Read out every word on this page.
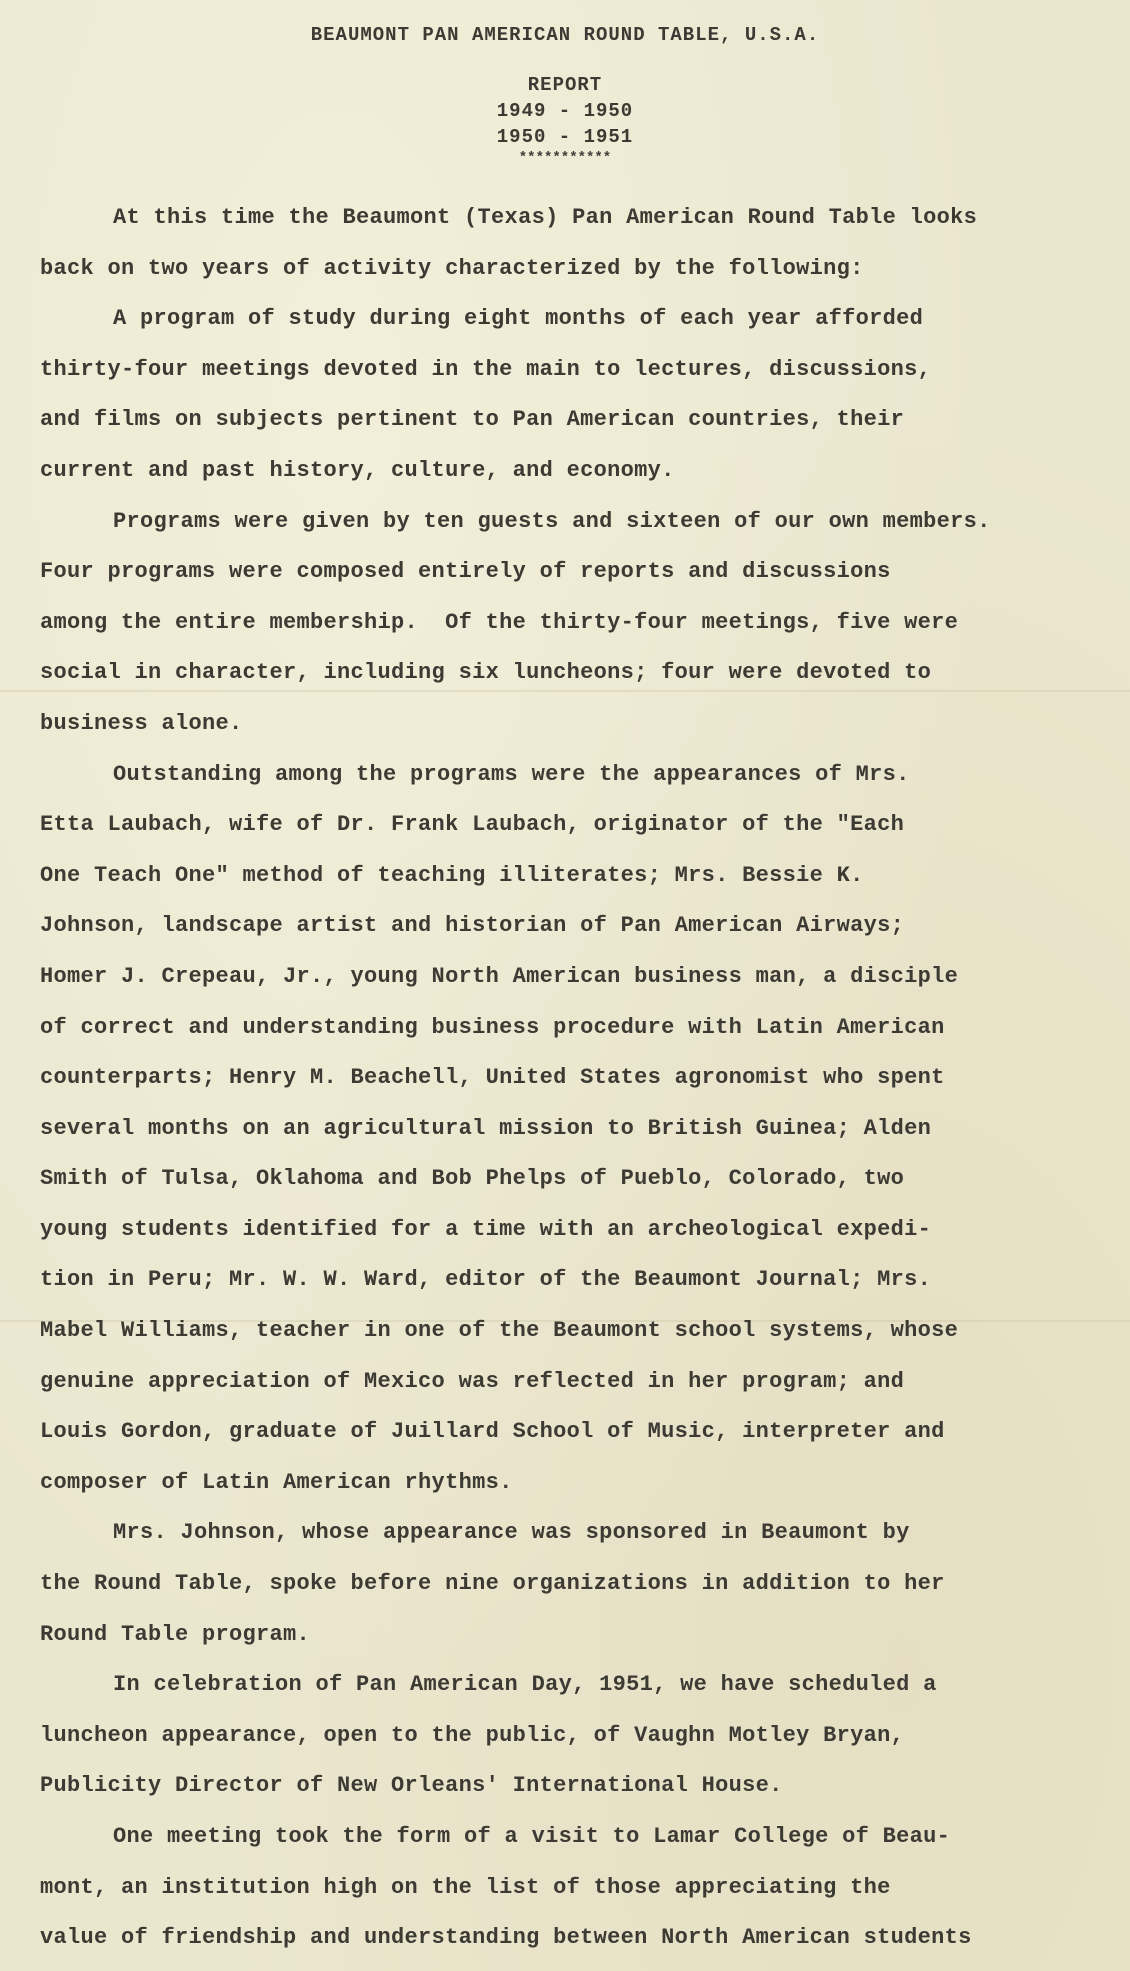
BEAUMONT PAN AMERICAN ROUND TABLE, U.S.A.
REPORT
1949 - 1950
1950 - 1951
***********
At this time the Beaumont (Texas) Pan American Round Table looks
back on two years of activity characterized by the following:
A program of study during eight months of each year afforded
thirty-four meetings devoted in the main to lectures, discussions,
and films on subjects pertinent to Pan American countries, their
current and past history, culture, and economy.
Programs were given by ten guests and sixteen of our own members.
Four programs were composed entirely of reports and discussions
among the entire membership.  Of the thirty-four meetings, five were
social in character, including six luncheons; four were devoted to
business alone.
Outstanding among the programs were the appearances of Mrs.
Etta Laubach, wife of Dr. Frank Laubach, originator of the "Each
One Teach One" method of teaching illiterates; Mrs. Bessie K.
Johnson, landscape artist and historian of Pan American Airways;
Homer J. Crepeau, Jr., young North American business man, a disciple
of correct and understanding business procedure with Latin American
counterparts; Henry M. Beachell, United States agronomist who spent
several months on an agricultural mission to British Guinea; Alden
Smith of Tulsa, Oklahoma and Bob Phelps of Pueblo, Colorado, two
young students identified for a time with an archeological expedi-
tion in Peru; Mr. W. W. Ward, editor of the Beaumont Journal; Mrs.
Mabel Williams, teacher in one of the Beaumont school systems, whose
genuine appreciation of Mexico was reflected in her program; and
Louis Gordon, graduate of Juillard School of Music, interpreter and
composer of Latin American rhythms.
Mrs. Johnson, whose appearance was sponsored in Beaumont by
the Round Table, spoke before nine organizations in addition to her
Round Table program.
In celebration of Pan American Day, 1951, we have scheduled a
luncheon appearance, open to the public, of Vaughn Motley Bryan,
Publicity Director of New Orleans' International House.
One meeting took the form of a visit to Lamar College of Beau-
mont, an institution high on the list of those appreciating the
value of friendship and understanding between North American students
